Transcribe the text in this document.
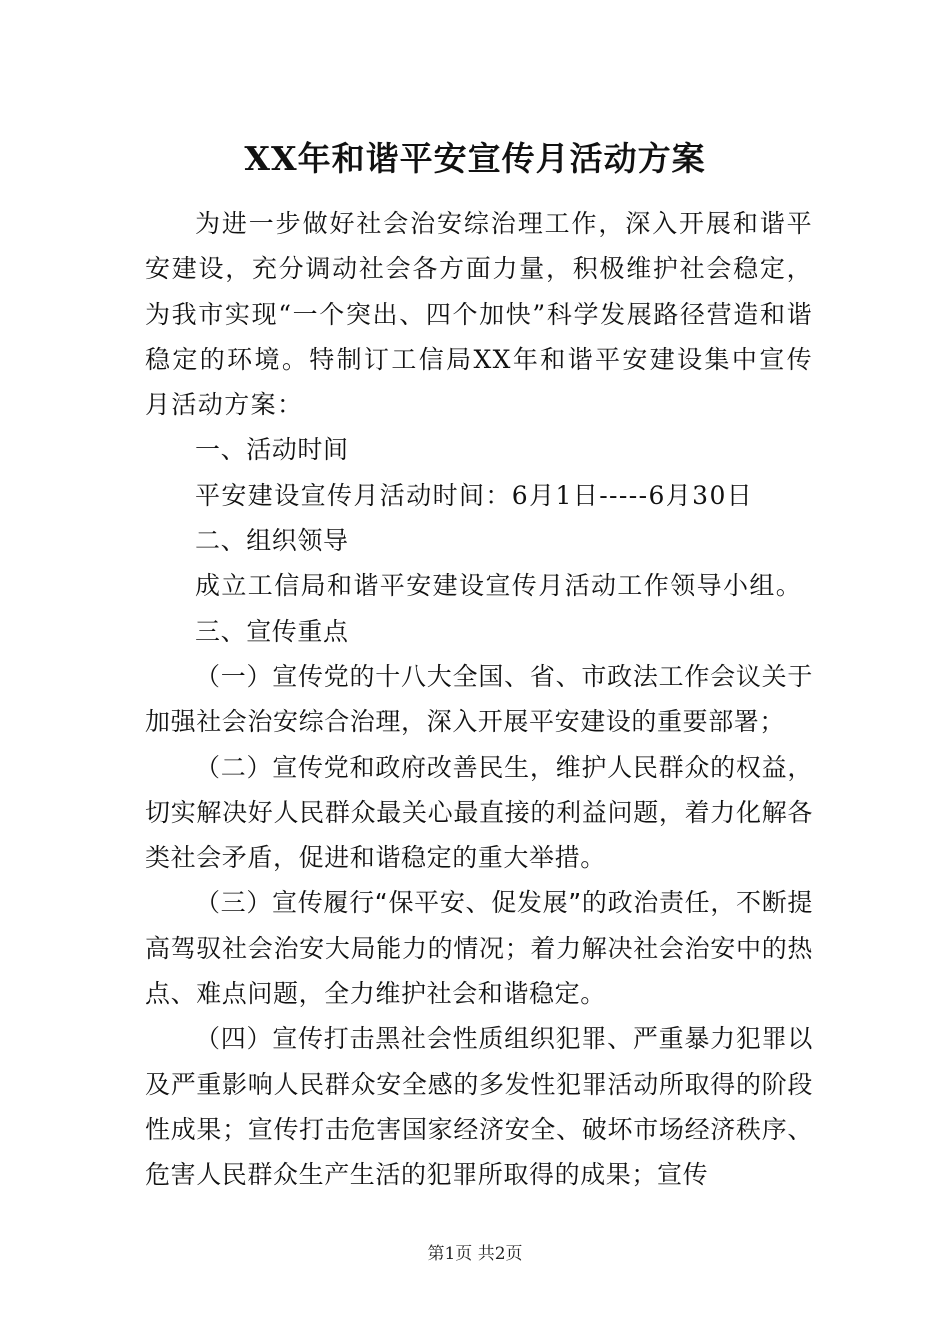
XX年和谐平安宣传月活动方案

为进一步做好社会治安综治理工作，深入开展和谐平安建设，充分调动社会各方面力量，积极维护社会稳定，为我市实现“一个突出、四个加快”科学发展路径营造和谐稳定的环境。特制订工信局XX年和谐平安建设集中宣传月活动方案：

一、活动时间

平安建设宣传月活动时间：6月1日-----6月30日

二、组织领导

成立工信局和谐平安建设宣传月活动工作领导小组。

三、宣传重点

（一）宣传党的十八大全国、省、市政法工作会议关于加强社会治安综合治理，深入开展平安建设的重要部署；

（二）宣传党和政府改善民生，维护人民群众的权益，切实解决好人民群众最关心最直接的利益问题，着力化解各类社会矛盾，促进和谐稳定的重大举措。

（三）宣传履行“保平安、促发展”的政治责任，不断提高驾驭社会治安大局能力的情况；着力解决社会治安中的热点、难点问题，全力维护社会和谐稳定。

（四）宣传打击黑社会性质组织犯罪、严重暴力犯罪以及严重影响人民群众安全感的多发性犯罪活动所取得的阶段性成果；宣传打击危害国家经济安全、破坏市场经济秩序、危害人民群众生产生活的犯罪所取得的成果；宣传

第1页 共2页
